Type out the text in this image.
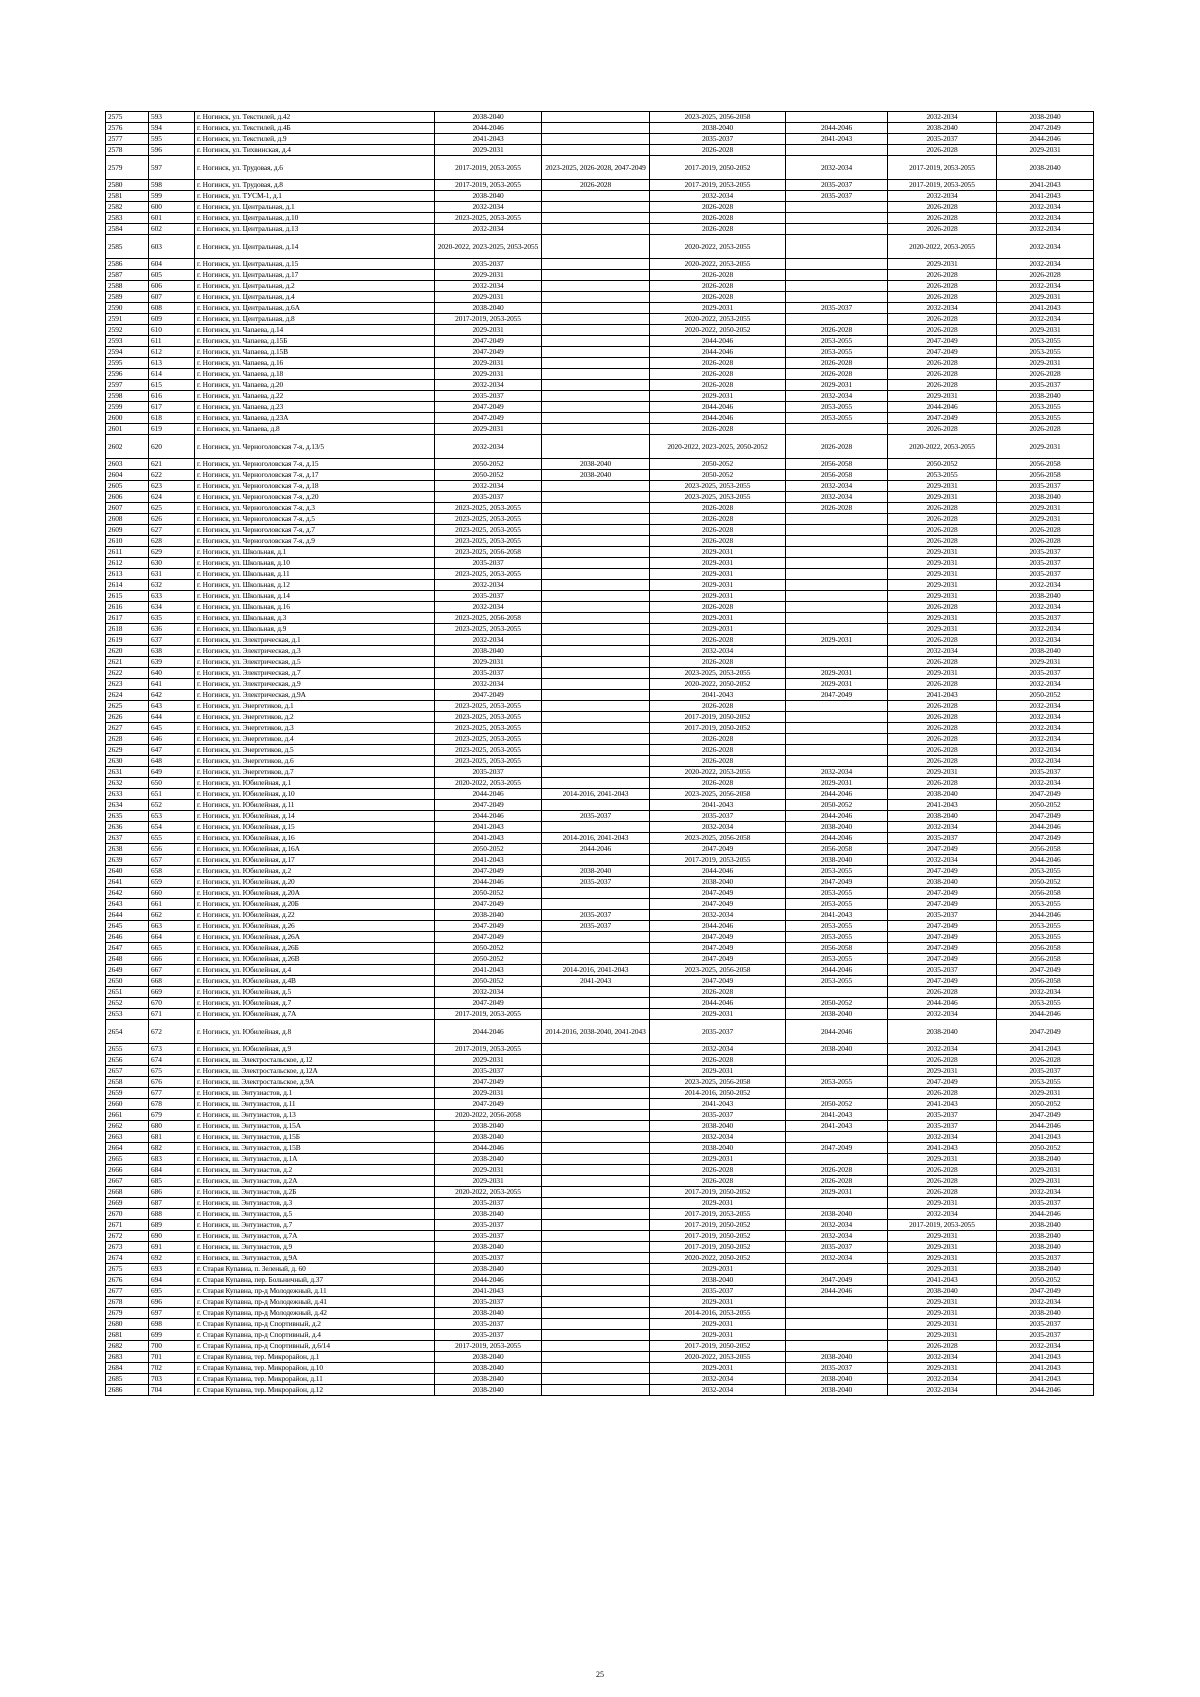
2575	593	г. Ногинск, ул. Текстилей, д.42	2038-2040		2023-2025, 2056-2058		2032-2034	2038-2040
2576	594	г. Ногинск, ул. Текстилей, д.4Б	2044-2046		2038-2040	2044-2046	2038-2040	2047-2049
2577	595	г. Ногинск, ул. Текстилей, д.9	2041-2043		2035-2037	2041-2043	2035-2037	2044-2046
2578	596	г. Ногинск, ул. Тихвинская, д.4	2029-2031		2026-2028		2026-2028	2029-2031
2579	597	г. Ногинск, ул. Трудовая, д.6	2017-2019, 2053-2055	2023-2025, 2026-2028, 2047-2049	2017-2019, 2050-2052	2032-2034	2017-2019, 2053-2055	2038-2040
2580	598	г. Ногинск, ул. Трудовая, д.8	2017-2019, 2053-2055	2026-2028	2017-2019, 2053-2055	2035-2037	2017-2019, 2053-2055	2041-2043
2581	599	г. Ногинск, ул. ТУСМ-1, д.1	2038-2040		2032-2034	2035-2037	2032-2034	2041-2043
2582	600	г. Ногинск, ул. Центральная, д.1	2032-2034		2026-2028		2026-2028	2032-2034
2583	601	г. Ногинск, ул. Центральная, д.10	2023-2025, 2053-2055		2026-2028		2026-2028	2032-2034
2584	602	г. Ногинск, ул. Центральная, д.13	2032-2034		2026-2028		2026-2028	2032-2034
2585	603	г. Ногинск, ул. Центральная, д.14	2020-2022, 2023-2025, 2053-2055		2020-2022, 2053-2055		2020-2022, 2053-2055	2032-2034
2586	604	г. Ногинск, ул. Центральная, д.15	2035-2037		2020-2022, 2053-2055		2029-2031	2032-2034
2587	605	г. Ногинск, ул. Центральная, д.17	2029-2031		2026-2028		2026-2028	2026-2028
2588	606	г. Ногинск, ул. Центральная, д.2	2032-2034		2026-2028		2026-2028	2032-2034
2589	607	г. Ногинск, ул. Центральная, д.4	2029-2031		2026-2028		2026-2028	2029-2031
2590	608	г. Ногинск, ул. Центральная, д.6А	2038-2040		2029-2031	2035-2037	2032-2034	2041-2043
2591	609	г. Ногинск, ул. Центральная, д.8	2017-2019, 2053-2055		2020-2022, 2053-2055		2026-2028	2032-2034
2592	610	г. Ногинск, ул. Чапаева, д.14	2029-2031		2020-2022, 2050-2052	2026-2028	2026-2028	2029-2031
2593	611	г. Ногинск, ул. Чапаева, д.15Б	2047-2049		2044-2046	2053-2055	2047-2049	2053-2055
2594	612	г. Ногинск, ул. Чапаева, д.15В	2047-2049		2044-2046	2053-2055	2047-2049	2053-2055
2595	613	г. Ногинск, ул. Чапаева, д.16	2029-2031		2026-2028	2026-2028	2026-2028	2029-2031
2596	614	г. Ногинск, ул. Чапаева, д.18	2029-2031		2026-2028	2026-2028	2026-2028	2026-2028
2597	615	г. Ногинск, ул. Чапаева, д.20	2032-2034		2026-2028	2029-2031	2026-2028	2035-2037
2598	616	г. Ногинск, ул. Чапаева, д.22	2035-2037		2029-2031	2032-2034	2029-2031	2038-2040
2599	617	г. Ногинск, ул. Чапаева, д.23	2047-2049		2044-2046	2053-2055	2044-2046	2053-2055
2600	618	г. Ногинск, ул. Чапаева, д.23А	2047-2049		2044-2046	2053-2055	2047-2049	2053-2055
2601	619	г. Ногинск, ул. Чапаева, д.8	2029-2031		2026-2028		2026-2028	2026-2028
2602	620	г. Ногинск, ул. Черноголовская 7-я, д.13/5	2032-2034		2020-2022, 2023-2025, 2050-2052	2026-2028	2020-2022, 2053-2055	2029-2031
2603	621	г. Ногинск, ул. Черноголовская 7-я, д.15	2050-2052	2038-2040	2050-2052	2056-2058	2050-2052	2056-2058
2604	622	г. Ногинск, ул. Черноголовская 7-я, д.17	2050-2052	2038-2040	2050-2052	2056-2058	2053-2055	2056-2058
2605	623	г. Ногинск, ул. Черноголовская 7-я, д.18	2032-2034		2023-2025, 2053-2055	2032-2034	2029-2031	2035-2037
2606	624	г. Ногинск, ул. Черноголовская 7-я, д.20	2035-2037		2023-2025, 2053-2055	2032-2034	2029-2031	2038-2040
2607	625	г. Ногинск, ул. Черноголовская 7-я, д.3	2023-2025, 2053-2055		2026-2028	2026-2028	2026-2028	2029-2031
2608	626	г. Ногинск, ул. Черноголовская 7-я, д.5	2023-2025, 2053-2055		2026-2028		2026-2028	2029-2031
2609	627	г. Ногинск, ул. Черноголовская 7-я, д.7	2023-2025, 2053-2055		2026-2028		2026-2028	2026-2028
2610	628	г. Ногинск, ул. Черноголовская 7-я, д.9	2023-2025, 2053-2055		2026-2028		2026-2028	2026-2028
2611	629	г. Ногинск, ул. Школьная, д.1	2023-2025, 2056-2058		2029-2031		2029-2031	2035-2037
2612	630	г. Ногинск, ул. Школьная, д.10	2035-2037		2029-2031		2029-2031	2035-2037
2613	631	г. Ногинск, ул. Школьная, д.11	2023-2025, 2053-2055		2029-2031		2029-2031	2035-2037
2614	632	г. Ногинск, ул. Школьная, д.12	2032-2034		2029-2031		2029-2031	2032-2034
2615	633	г. Ногинск, ул. Школьная, д.14	2035-2037		2029-2031		2029-2031	2038-2040
2616	634	г. Ногинск, ул. Школьная, д.16	2032-2034		2026-2028		2026-2028	2032-2034
2617	635	г. Ногинск, ул. Школьная, д.3	2023-2025, 2056-2058		2029-2031		2029-2031	2035-2037
2618	636	г. Ногинск, ул. Школьная, д.9	2023-2025, 2053-2055		2029-2031		2029-2031	2032-2034
2619	637	г. Ногинск, ул. Электрическая, д.1	2032-2034		2026-2028	2029-2031	2026-2028	2032-2034
2620	638	г. Ногинск, ул. Электрическая, д.3	2038-2040		2032-2034		2032-2034	2038-2040
2621	639	г. Ногинск, ул. Электрическая, д.5	2029-2031		2026-2028		2026-2028	2029-2031
2622	640	г. Ногинск, ул. Электрическая, д.7	2035-2037		2023-2025, 2053-2055	2029-2031	2029-2031	2035-2037
2623	641	г. Ногинск, ул. Электрическая, д.9	2032-2034		2020-2022, 2050-2052	2029-2031	2026-2028	2032-2034
2624	642	г. Ногинск, ул. Электрическая, д.9А	2047-2049		2041-2043	2047-2049	2041-2043	2050-2052
2625	643	г. Ногинск, ул. Энергетиков, д.1	2023-2025, 2053-2055		2026-2028		2026-2028	2032-2034
2626	644	г. Ногинск, ул. Энергетиков, д.2	2023-2025, 2053-2055		2017-2019, 2050-2052		2026-2028	2032-2034
2627	645	г. Ногинск, ул. Энергетиков, д.3	2023-2025, 2053-2055		2017-2019, 2050-2052		2026-2028	2032-2034
2628	646	г. Ногинск, ул. Энергетиков, д.4	2023-2025, 2053-2055		2026-2028		2026-2028	2032-2034
2629	647	г. Ногинск, ул. Энергетиков, д.5	2023-2025, 2053-2055		2026-2028		2026-2028	2032-2034
2630	648	г. Ногинск, ул. Энергетиков, д.6	2023-2025, 2053-2055		2026-2028		2026-2028	2032-2034
2631	649	г. Ногинск, ул. Энергетиков, д.7	2035-2037		2020-2022, 2053-2055	2032-2034	2029-2031	2035-2037
2632	650	г. Ногинск, ул. Юбилейная, д.1	2020-2022, 2053-2055		2026-2028	2029-2031	2026-2028	2032-2034
2633	651	г. Ногинск, ул. Юбилейная, д.10	2044-2046	2014-2016, 2041-2043	2023-2025, 2056-2058	2044-2046	2038-2040	2047-2049
2634	652	г. Ногинск, ул. Юбилейная, д.11	2047-2049		2041-2043	2050-2052	2041-2043	2050-2052
2635	653	г. Ногинск, ул. Юбилейная, д.14	2044-2046	2035-2037	2035-2037	2044-2046	2038-2040	2047-2049
2636	654	г. Ногинск, ул. Юбилейная, д.15	2041-2043		2032-2034	2038-2040	2032-2034	2044-2046
2637	655	г. Ногинск, ул. Юбилейная, д.16	2041-2043	2014-2016, 2041-2043	2023-2025, 2056-2058	2044-2046	2035-2037	2047-2049
2638	656	г. Ногинск, ул. Юбилейная, д.16А	2050-2052	2044-2046	2047-2049	2056-2058	2047-2049	2056-2058
2639	657	г. Ногинск, ул. Юбилейная, д.17	2041-2043		2017-2019, 2053-2055	2038-2040	2032-2034	2044-2046
2640	658	г. Ногинск, ул. Юбилейная, д.2	2047-2049	2038-2040	2044-2046	2053-2055	2047-2049	2053-2055
2641	659	г. Ногинск, ул. Юбилейная, д.20	2044-2046	2035-2037	2038-2040	2047-2049	2038-2040	2050-2052
2642	660	г. Ногинск, ул. Юбилейная, д.20А	2050-2052		2047-2049	2053-2055	2047-2049	2056-2058
2643	661	г. Ногинск, ул. Юбилейная, д.20Б	2047-2049		2047-2049	2053-2055	2047-2049	2053-2055
2644	662	г. Ногинск, ул. Юбилейная, д.22	2038-2040	2035-2037	2032-2034	2041-2043	2035-2037	2044-2046
2645	663	г. Ногинск, ул. Юбилейная, д.26	2047-2049	2035-2037	2044-2046	2053-2055	2047-2049	2053-2055
2646	664	г. Ногинск, ул. Юбилейная, д.26А	2047-2049		2047-2049	2053-2055	2047-2049	2053-2055
2647	665	г. Ногинск, ул. Юбилейная, д.26Б	2050-2052		2047-2049	2056-2058	2047-2049	2056-2058
2648	666	г. Ногинск, ул. Юбилейная, д.26В	2050-2052		2047-2049	2053-2055	2047-2049	2056-2058
2649	667	г. Ногинск, ул. Юбилейная, д.4	2041-2043	2014-2016, 2041-2043	2023-2025, 2056-2058	2044-2046	2035-2037	2047-2049
2650	668	г. Ногинск, ул. Юбилейная, д.4В	2050-2052	2041-2043	2047-2049	2053-2055	2047-2049	2056-2058
2651	669	г. Ногинск, ул. Юбилейная, д.5	2032-2034		2026-2028		2026-2028	2032-2034
2652	670	г. Ногинск, ул. Юбилейная, д.7	2047-2049		2044-2046	2050-2052	2044-2046	2053-2055
2653	671	г. Ногинск, ул. Юбилейная, д.7А	2017-2019, 2053-2055		2029-2031	2038-2040	2032-2034	2044-2046
2654	672	г. Ногинск, ул. Юбилейная, д.8	2044-2046	2014-2016, 2038-2040, 2041-2043	2035-2037	2044-2046	2038-2040	2047-2049
2655	673	г. Ногинск, ул. Юбилейная, д.9	2017-2019, 2053-2055		2032-2034	2038-2040	2032-2034	2041-2043
2656	674	г. Ногинск, ш. Электростальское, д.12	2029-2031		2026-2028		2026-2028	2026-2028
2657	675	г. Ногинск, ш. Электростальское, д.12А	2035-2037		2029-2031		2029-2031	2035-2037
2658	676	г. Ногинск, ш. Электростальское, д.9А	2047-2049		2023-2025, 2056-2058	2053-2055	2047-2049	2053-2055
2659	677	г. Ногинск, ш. Энтузиастов, д.1	2029-2031		2014-2016, 2050-2052		2026-2028	2029-2031
2660	678	г. Ногинск, ш. Энтузиастов, д.11	2047-2049		2041-2043	2050-2052	2041-2043	2050-2052
2661	679	г. Ногинск, ш. Энтузиастов, д.13	2020-2022, 2056-2058		2035-2037	2041-2043	2035-2037	2047-2049
2662	680	г. Ногинск, ш. Энтузиастов, д.15А	2038-2040		2038-2040	2041-2043	2035-2037	2044-2046
2663	681	г. Ногинск, ш. Энтузиастов, д.15Б	2038-2040		2032-2034		2032-2034	2041-2043
2664	682	г. Ногинск, ш. Энтузиастов, д.15В	2044-2046		2038-2040	2047-2049	2041-2043	2050-2052
2665	683	г. Ногинск, ш. Энтузиастов, д.1А	2038-2040		2029-2031		2029-2031	2038-2040
2666	684	г. Ногинск, ш. Энтузиастов, д.2	2029-2031		2026-2028	2026-2028	2026-2028	2029-2031
2667	685	г. Ногинск, ш. Энтузиастов, д.2А	2029-2031		2026-2028	2026-2028	2026-2028	2029-2031
2668	686	г. Ногинск, ш. Энтузиастов, д.2Б	2020-2022, 2053-2055		2017-2019, 2050-2052	2029-2031	2026-2028	2032-2034
2669	687	г. Ногинск, ш. Энтузиастов, д.3	2035-2037		2029-2031		2029-2031	2035-2037
2670	688	г. Ногинск, ш. Энтузиастов, д.5	2038-2040		2017-2019, 2053-2055	2038-2040	2032-2034	2044-2046
2671	689	г. Ногинск, ш. Энтузиастов, д.7	2035-2037		2017-2019, 2050-2052	2032-2034	2017-2019, 2053-2055	2038-2040
2672	690	г. Ногинск, ш. Энтузиастов, д.7А	2035-2037		2017-2019, 2050-2052	2032-2034	2029-2031	2038-2040
2673	691	г. Ногинск, ш. Энтузиастов, д.9	2038-2040		2017-2019, 2050-2052	2035-2037	2029-2031	2038-2040
2674	692	г. Ногинск, ш. Энтузиастов, д.9А	2035-2037		2020-2022, 2050-2052	2032-2034	2029-2031	2035-2037
2675	693	г. Старая Купавна, п. Зеленый, д. 60	2038-2040		2029-2031		2029-2031	2038-2040
2676	694	г. Старая Купавна, пер. Больничный, д.37	2044-2046		2038-2040	2047-2049	2041-2043	2050-2052
2677	695	г. Старая Купавна, пр-д Молодежный, д.11	2041-2043		2035-2037	2044-2046	2038-2040	2047-2049
2678	696	г. Старая Купавна, пр-д Молодежный, д.41	2035-2037		2029-2031		2029-2031	2032-2034
2679	697	г. Старая Купавна, пр-д Молодежный, д.42	2038-2040		2014-2016, 2053-2055		2029-2031	2038-2040
2680	698	г. Старая Купавна, пр-д Спортивный, д.2	2035-2037		2029-2031		2029-2031	2035-2037
2681	699	г. Старая Купавна, пр-д Спортивный, д.4	2035-2037		2029-2031		2029-2031	2035-2037
2682	700	г. Старая Купавна, пр-д Спортивный, д.6/14	2017-2019, 2053-2055		2017-2019, 2050-2052		2026-2028	2032-2034
2683	701	г. Старая Купавна, тер. Микрорайон, д.1	2038-2040		2020-2022, 2053-2055	2038-2040	2032-2034	2041-2043
2684	702	г. Старая Купавна, тер. Микрорайон, д.10	2038-2040		2029-2031	2035-2037	2029-2031	2041-2043
2685	703	г. Старая Купавна, тер. Микрорайон, д.11	2038-2040		2032-2034	2038-2040	2032-2034	2041-2043
2686	704	г. Старая Купавна, тер. Микрорайон, д.12	2038-2040		2032-2034	2038-2040	2032-2034	2044-2046
25
